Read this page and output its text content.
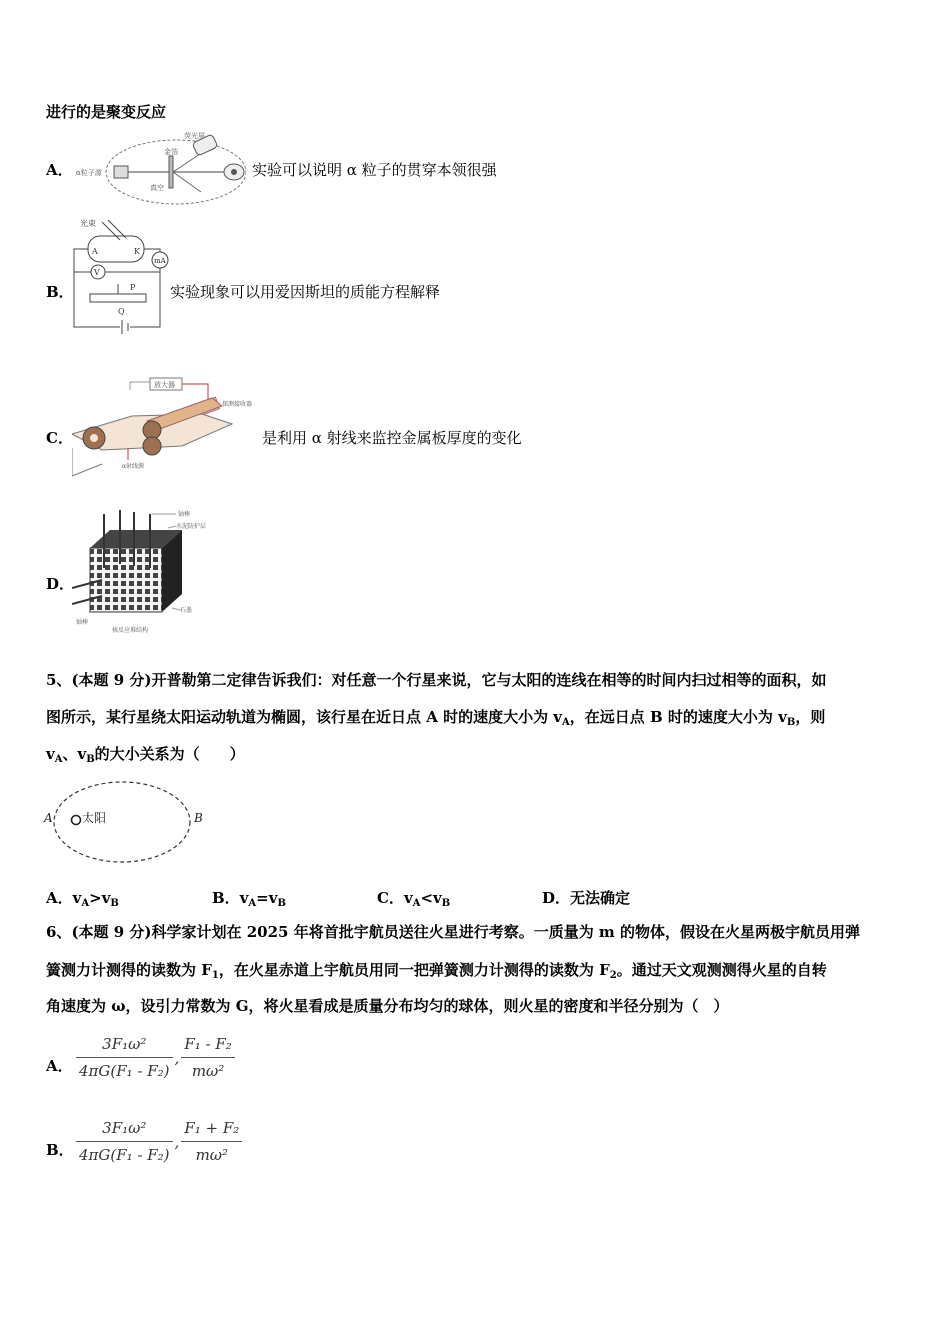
进行的是聚变反应
A． α粒子源
金箔
荧光屏
真空
实验可以说明 α 粒子的贯穿本领很强
B．
光束
A	K
V
mA
P
Q
实验现象可以用爱因斯坦的质能方程解释
C．
放大器
探测接收器
α射线源
是利用 α 射线来监控金属板厚度的变化
D．
铀棒
水泥防护层
石墨
铀棒
核反应堆结构
5、(本题 9 分)开普勒第二定律告诉我们：对任意一个行星来说，它与太阳的连线在相等的时间内扫过相等的面积，如
图所示，某行星绕太阳运动轨道为椭圆，该行星在近日点 A 时的速度大小为 $v_A$，在远日点 B 时的速度大小为 $v_B$，则
$v_A$、$v_B$的大小关系为（　　）
太阳
A	B
A．$v_A>v_B$	B．$v_A=v_B$	C．$v_A<v_B$	D．无法确定
6、(本题 9 分)科学家计划在 2025 年将首批宇航员送往火星进行考察。一质量为 m 的物体，假设在火星两极宇航员用弹
簧测力计测得的读数为 $F_1$，在火星赤道上宇航员用同一把弹簧测力计测得的读数为 $F_2$。通过天文观测测得火星的自转
角速度为 ω，设引力常数为 G，将火星看成是质量分布均匀的球体，则火星的密度和半径分别为（　）
A． $\frac{\text{3F₁ω²}}{\text{4πG(F₁ - F₂)}}$ , $\frac{\text{F₁ - F₂}}{\text{mω²}}$
B． $\frac{\text{3F₁ω²}}{\text{4πG(F₁ - F₂)}}$ , $\frac{\text{F₁ + F₂}}{\text{mω²}}$
